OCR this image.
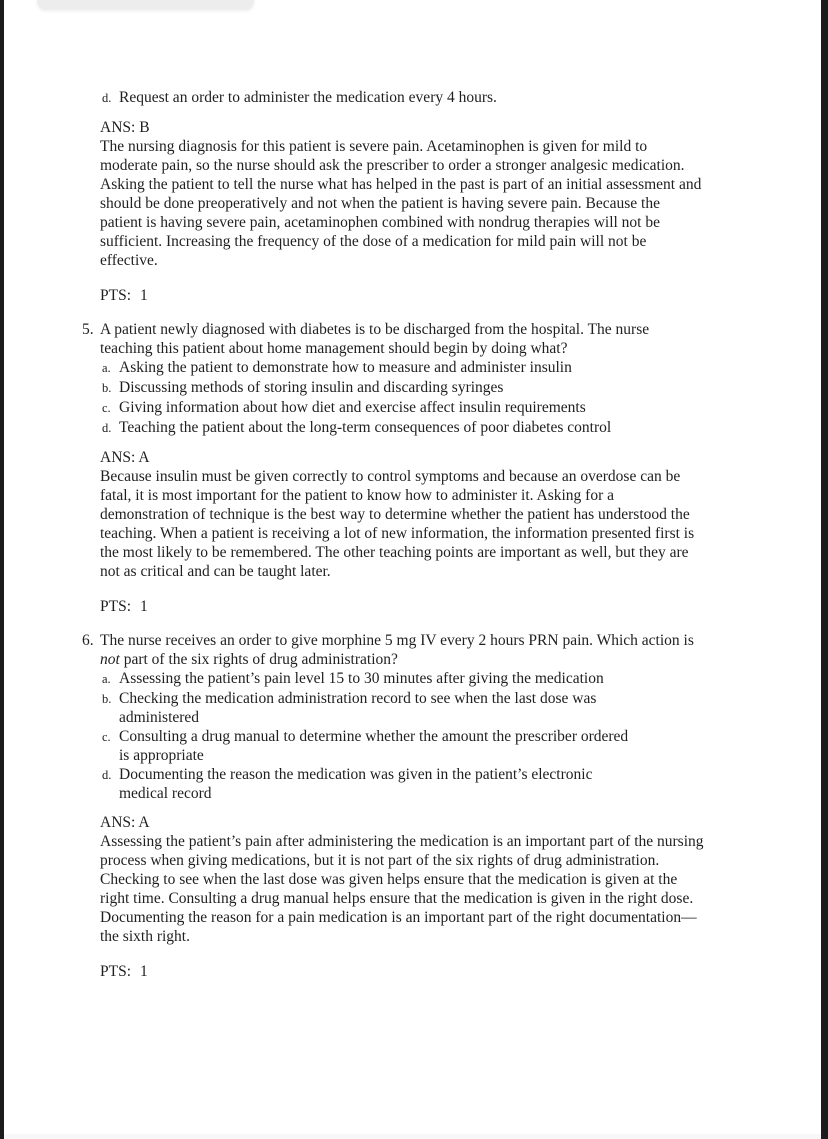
d. Request an order to administer the medication every 4 hours.
ANS: B
The nursing diagnosis for this patient is severe pain. Acetaminophen is given for mild to
moderate pain, so the nurse should ask the prescriber to order a stronger analgesic medication.
Asking the patient to tell the nurse what has helped in the past is part of an initial assessment and
should be done preoperatively and not when the patient is having severe pain. Because the
patient is having severe pain, acetaminophen combined with nondrug therapies will not be
sufficient. Increasing the frequency of the dose of a medication for mild pain will not be
effective.
PTS: 1
5. A patient newly diagnosed with diabetes is to be discharged from the hospital. The nurse
teaching this patient about home management should begin by doing what?
a. Asking the patient to demonstrate how to measure and administer insulin
b. Discussing methods of storing insulin and discarding syringes
c. Giving information about how diet and exercise affect insulin requirements
d. Teaching the patient about the long-term consequences of poor diabetes control
ANS: A
Because insulin must be given correctly to control symptoms and because an overdose can be
fatal, it is most important for the patient to know how to administer it. Asking for a
demonstration of technique is the best way to determine whether the patient has understood the
teaching. When a patient is receiving a lot of new information, the information presented first is
the most likely to be remembered. The other teaching points are important as well, but they are
not as critical and can be taught later.
PTS: 1
6. The nurse receives an order to give morphine 5 mg IV every 2 hours PRN pain. Which action is
not part of the six rights of drug administration?
a. Assessing the patient’s pain level 15 to 30 minutes after giving the medication
b. Checking the medication administration record to see when the last dose was
administered
c. Consulting a drug manual to determine whether the amount the prescriber ordered
is appropriate
d. Documenting the reason the medication was given in the patient’s electronic
medical record
ANS: A
Assessing the patient’s pain after administering the medication is an important part of the nursing
process when giving medications, but it is not part of the six rights of drug administration.
Checking to see when the last dose was given helps ensure that the medication is given at the
right time. Consulting a drug manual helps ensure that the medication is given in the right dose.
Documenting the reason for a pain medication is an important part of the right documentation—
the sixth right.
PTS: 1
